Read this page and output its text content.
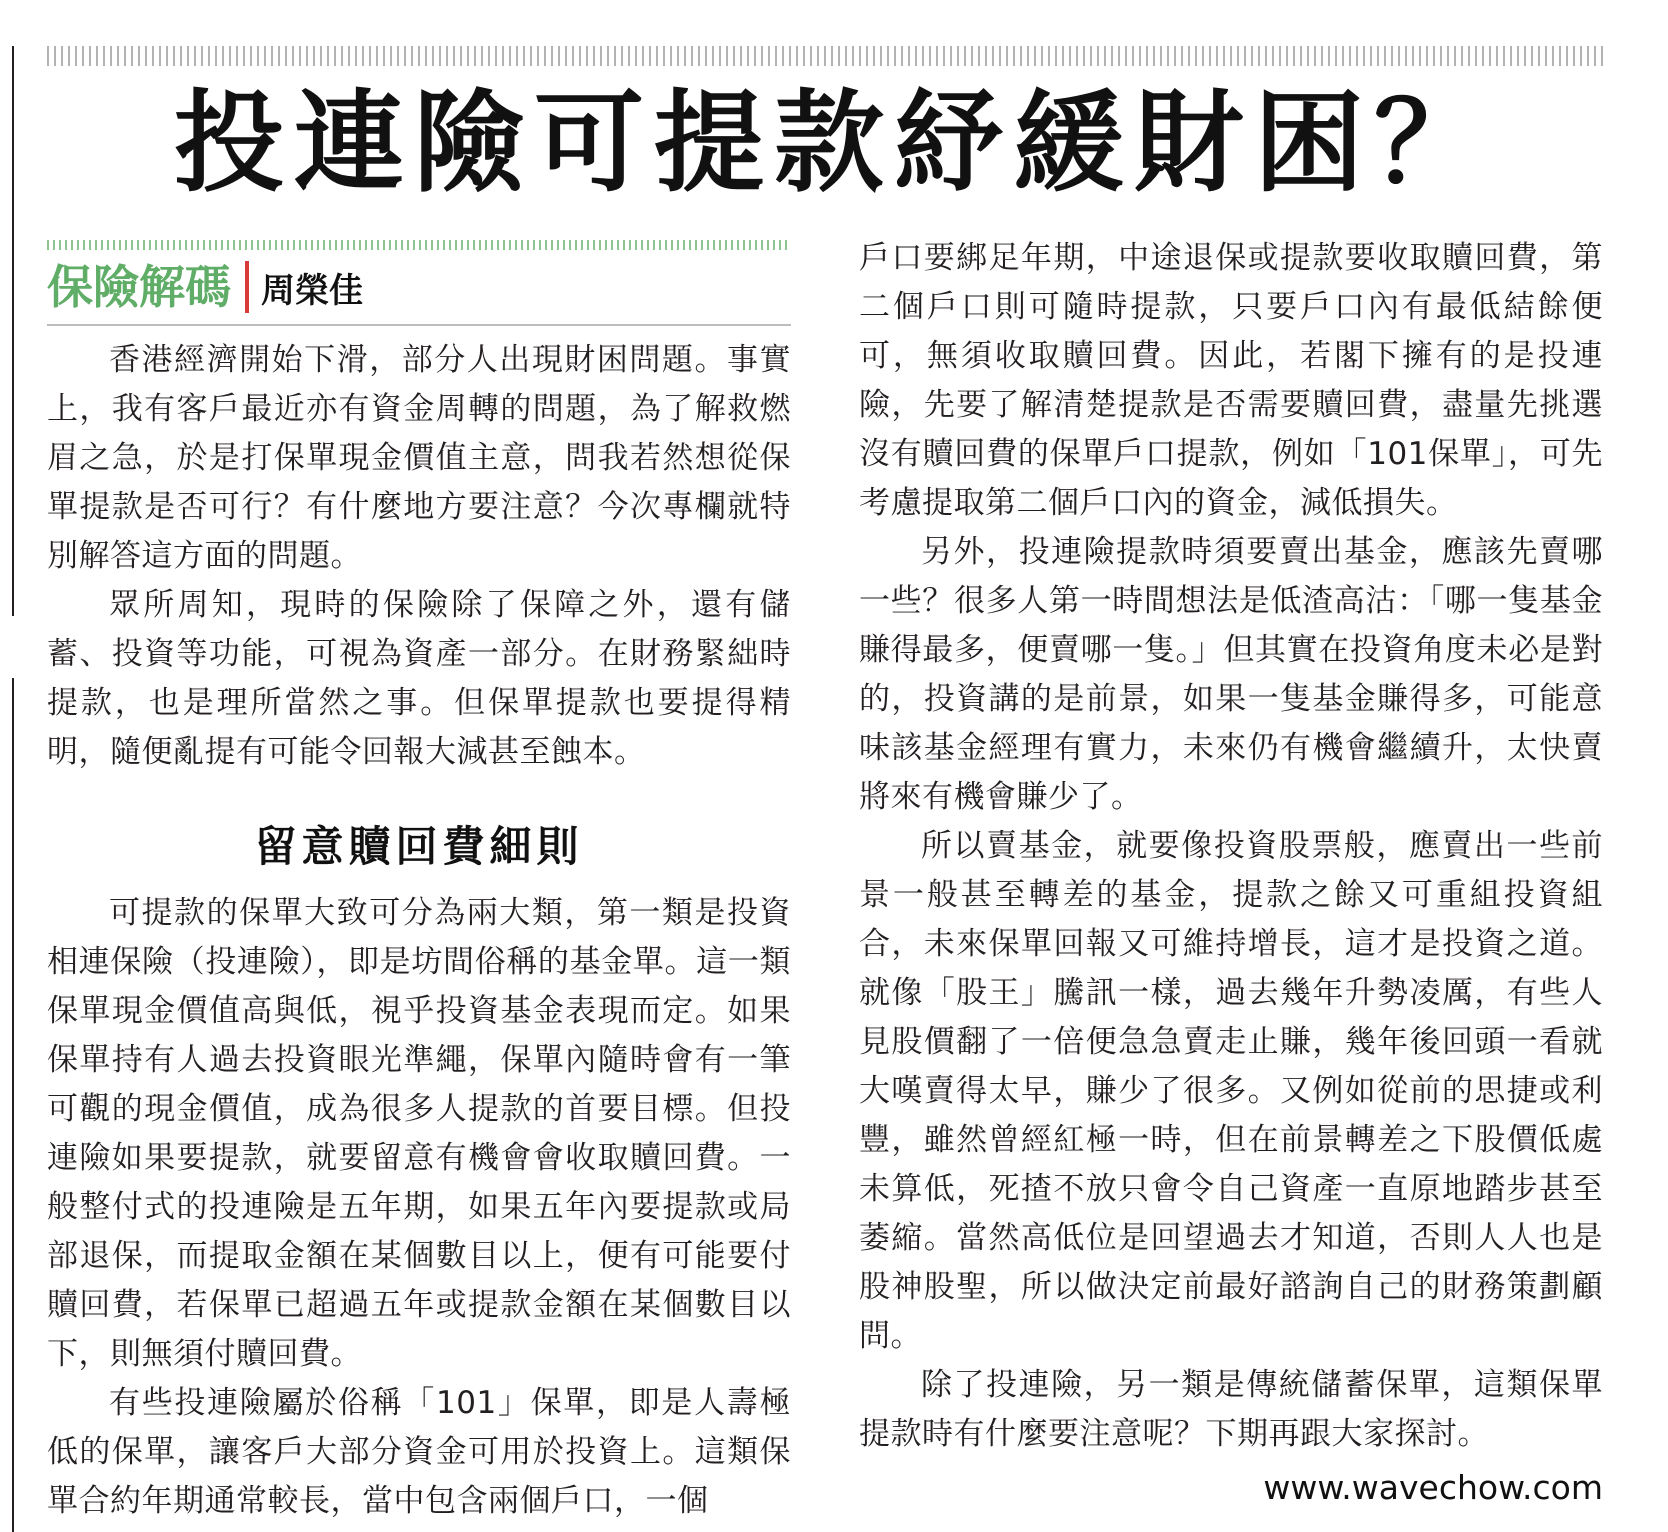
投連險可提款紓緩財困？
保險解碼 周榮佳

香港經濟開始下滑，部分人出現財困問題。事實上，我有客戶最近亦有資金周轉的問題，為了解救燃眉之急，於是打保單現金價值主意，問我若然想從保單提款是否可行？有什麼地方要注意？今次專欄就特別解答這方面的問題。

眾所周知，現時的保險除了保障之外，還有儲蓄、投資等功能，可視為資產一部分。在財務緊絀時提款，也是理所當然之事。但保單提款也要提得精明，隨便亂提有可能令回報大減甚至蝕本。

留意贖回費細則

可提款的保單大致可分為兩大類，第一類是投資相連保險（投連險），即是坊間俗稱的基金單。這一類保單現金價值高與低，視乎投資基金表現而定。如果保單持有人過去投資眼光準繩，保單內隨時會有一筆可觀的現金價值，成為很多人提款的首要目標。但投連險如果要提款，就要留意有機會會收取贖回費。一般整付式的投連險是五年期，如果五年內要提款或局部退保，而提取金額在某個數目以上，便有可能要付贖回費，若保單已超過五年或提款金額在某個數目以下，則無須付贖回費。

有些投連險屬於俗稱「101」保單，即是人壽極低的保單，讓客戶大部分資金可用於投資上。這類保單合約年期通常較長，當中包含兩個戶口，一個

戶口要綁足年期，中途退保或提款要收取贖回費，第二個戶口則可隨時提款，只要戶口內有最低結餘便可，無須收取贖回費。因此，若閣下擁有的是投連險，先要了解清楚提款是否需要贖回費，盡量先挑選沒有贖回費的保單戶口提款，例如「101保單」，可先考慮提取第二個戶口內的資金，減低損失。

另外，投連險提款時須要賣出基金，應該先賣哪一些？很多人第一時間想法是低渣高沽：「哪一隻基金賺得最多，便賣哪一隻。」但其實在投資角度未必是對的，投資講的是前景，如果一隻基金賺得多，可能意味該基金經理有實力，未來仍有機會繼續升，太快賣將來有機會賺少了。

所以賣基金，就要像投資股票般，應賣出一些前景一般甚至轉差的基金，提款之餘又可重組投資組合，未來保單回報又可維持增長，這才是投資之道。就像「股王」騰訊一樣，過去幾年升勢凌厲，有些人見股價翻了一倍便急急賣走止賺，幾年後回頭一看就大嘆賣得太早，賺少了很多。又例如從前的思捷或利豐，雖然曾經紅極一時，但在前景轉差之下股價低處未算低，死揸不放只會令自己資產一直原地踏步甚至萎縮。當然高低位是回望過去才知道，否則人人也是股神股聖，所以做決定前最好諮詢自己的財務策劃顧問。

除了投連險，另一類是傳統儲蓄保單，這類保單提款時有什麼要注意呢？下期再跟大家探討。

www.wavechow.com
